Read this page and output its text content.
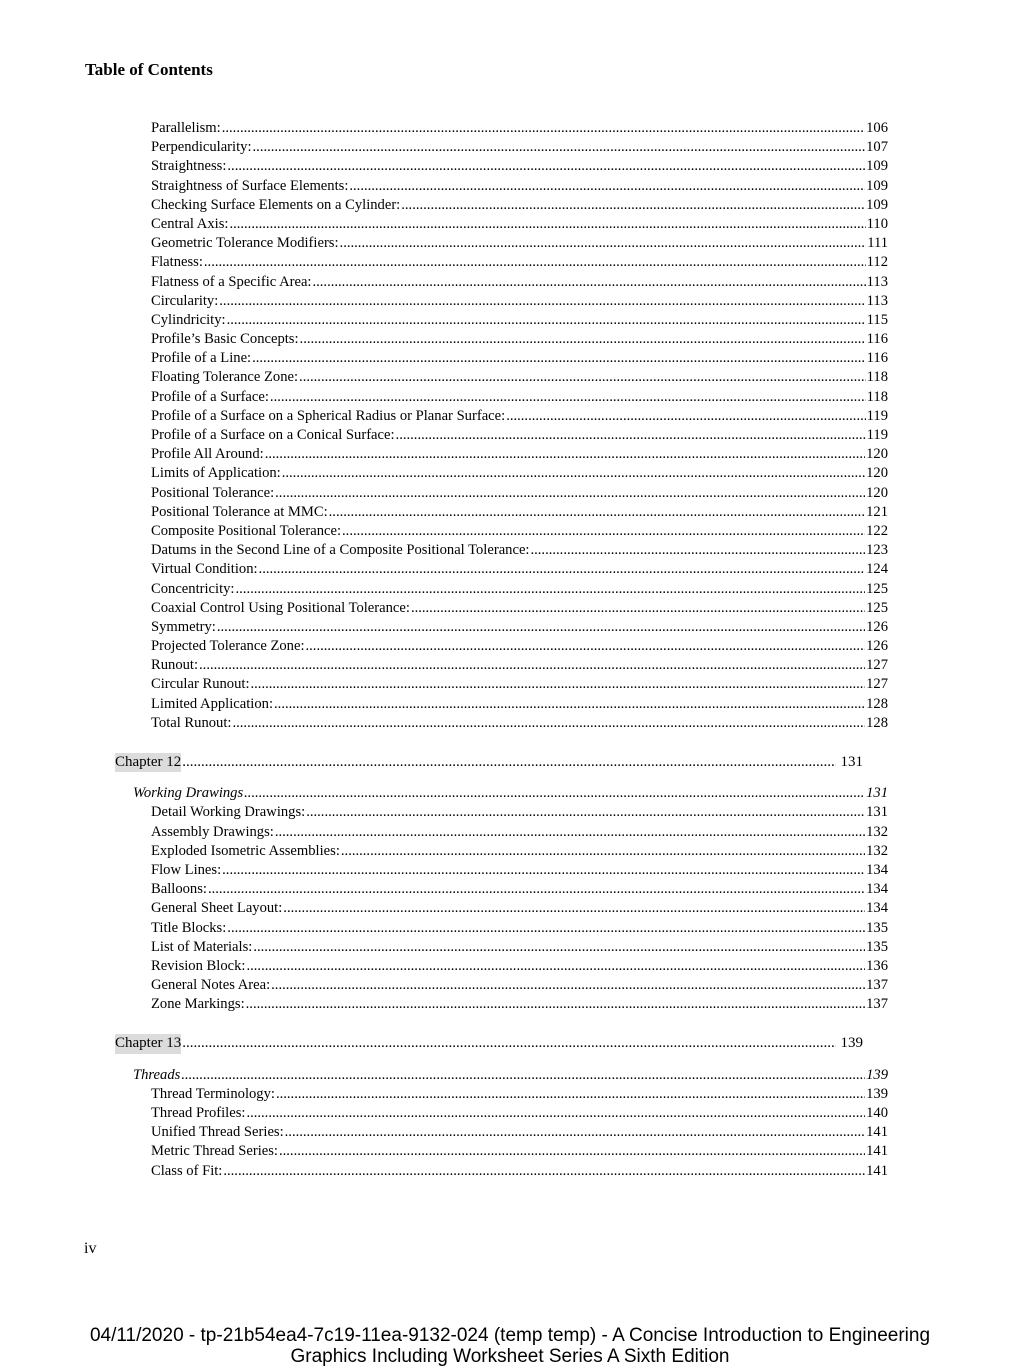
Table of Contents
Parallelism: .....	106
Perpendicularity: .....	107
Straightness: .....	109
Straightness of Surface Elements: .....	109
Checking Surface Elements on a Cylinder: .....	109
Central Axis: .....	110
Geometric Tolerance Modifiers: .....	111
Flatness: .....	112
Flatness of a Specific Area: .....	113
Circularity: .....	113
Cylindricity: .....	115
Profile’s Basic Concepts: .....	116
Profile of a Line: .....	116
Floating Tolerance Zone: .....	118
Profile of a Surface: .....	118
Profile of a Surface on a Spherical Radius or Planar Surface: .....	119
Profile of a Surface on a Conical Surface: .....	119
Profile All Around: .....	120
Limits of Application: .....	120
Positional Tolerance: .....	120
Positional Tolerance at MMC: .....	121
Composite Positional Tolerance: .....	122
Datums in the Second Line of a Composite Positional Tolerance: .....	123
Virtual Condition: .....	124
Concentricity: .....	125
Coaxial Control Using Positional Tolerance: .....	125
Symmetry: .....	126
Projected Tolerance Zone: .....	126
Runout: .....	127
Circular Runout: .....	127
Limited Application: .....	128
Total Runout: .....	128
Chapter 12 .....	131
Working Drawings .....	131
Detail Working Drawings: .....	131
Assembly Drawings: .....	132
Exploded Isometric Assemblies: .....	132
Flow Lines: .....	134
Balloons: .....	134
General Sheet Layout: .....	134
Title Blocks: .....	135
List of Materials: .....	135
Revision Block: .....	136
General Notes Area: .....	137
Zone Markings: .....	137
Chapter 13 .....	139
Threads .....	139
Thread Terminology: .....	139
Thread Profiles: .....	140
Unified Thread Series: .....	141
Metric Thread Series: .....	141
Class of Fit: .....	141
iv
04/11/2020 - tp-21b54ea4-7c19-11ea-9132-024 (temp temp) - A Concise Introduction to Engineering
Graphics Including Worksheet Series A Sixth Edition
